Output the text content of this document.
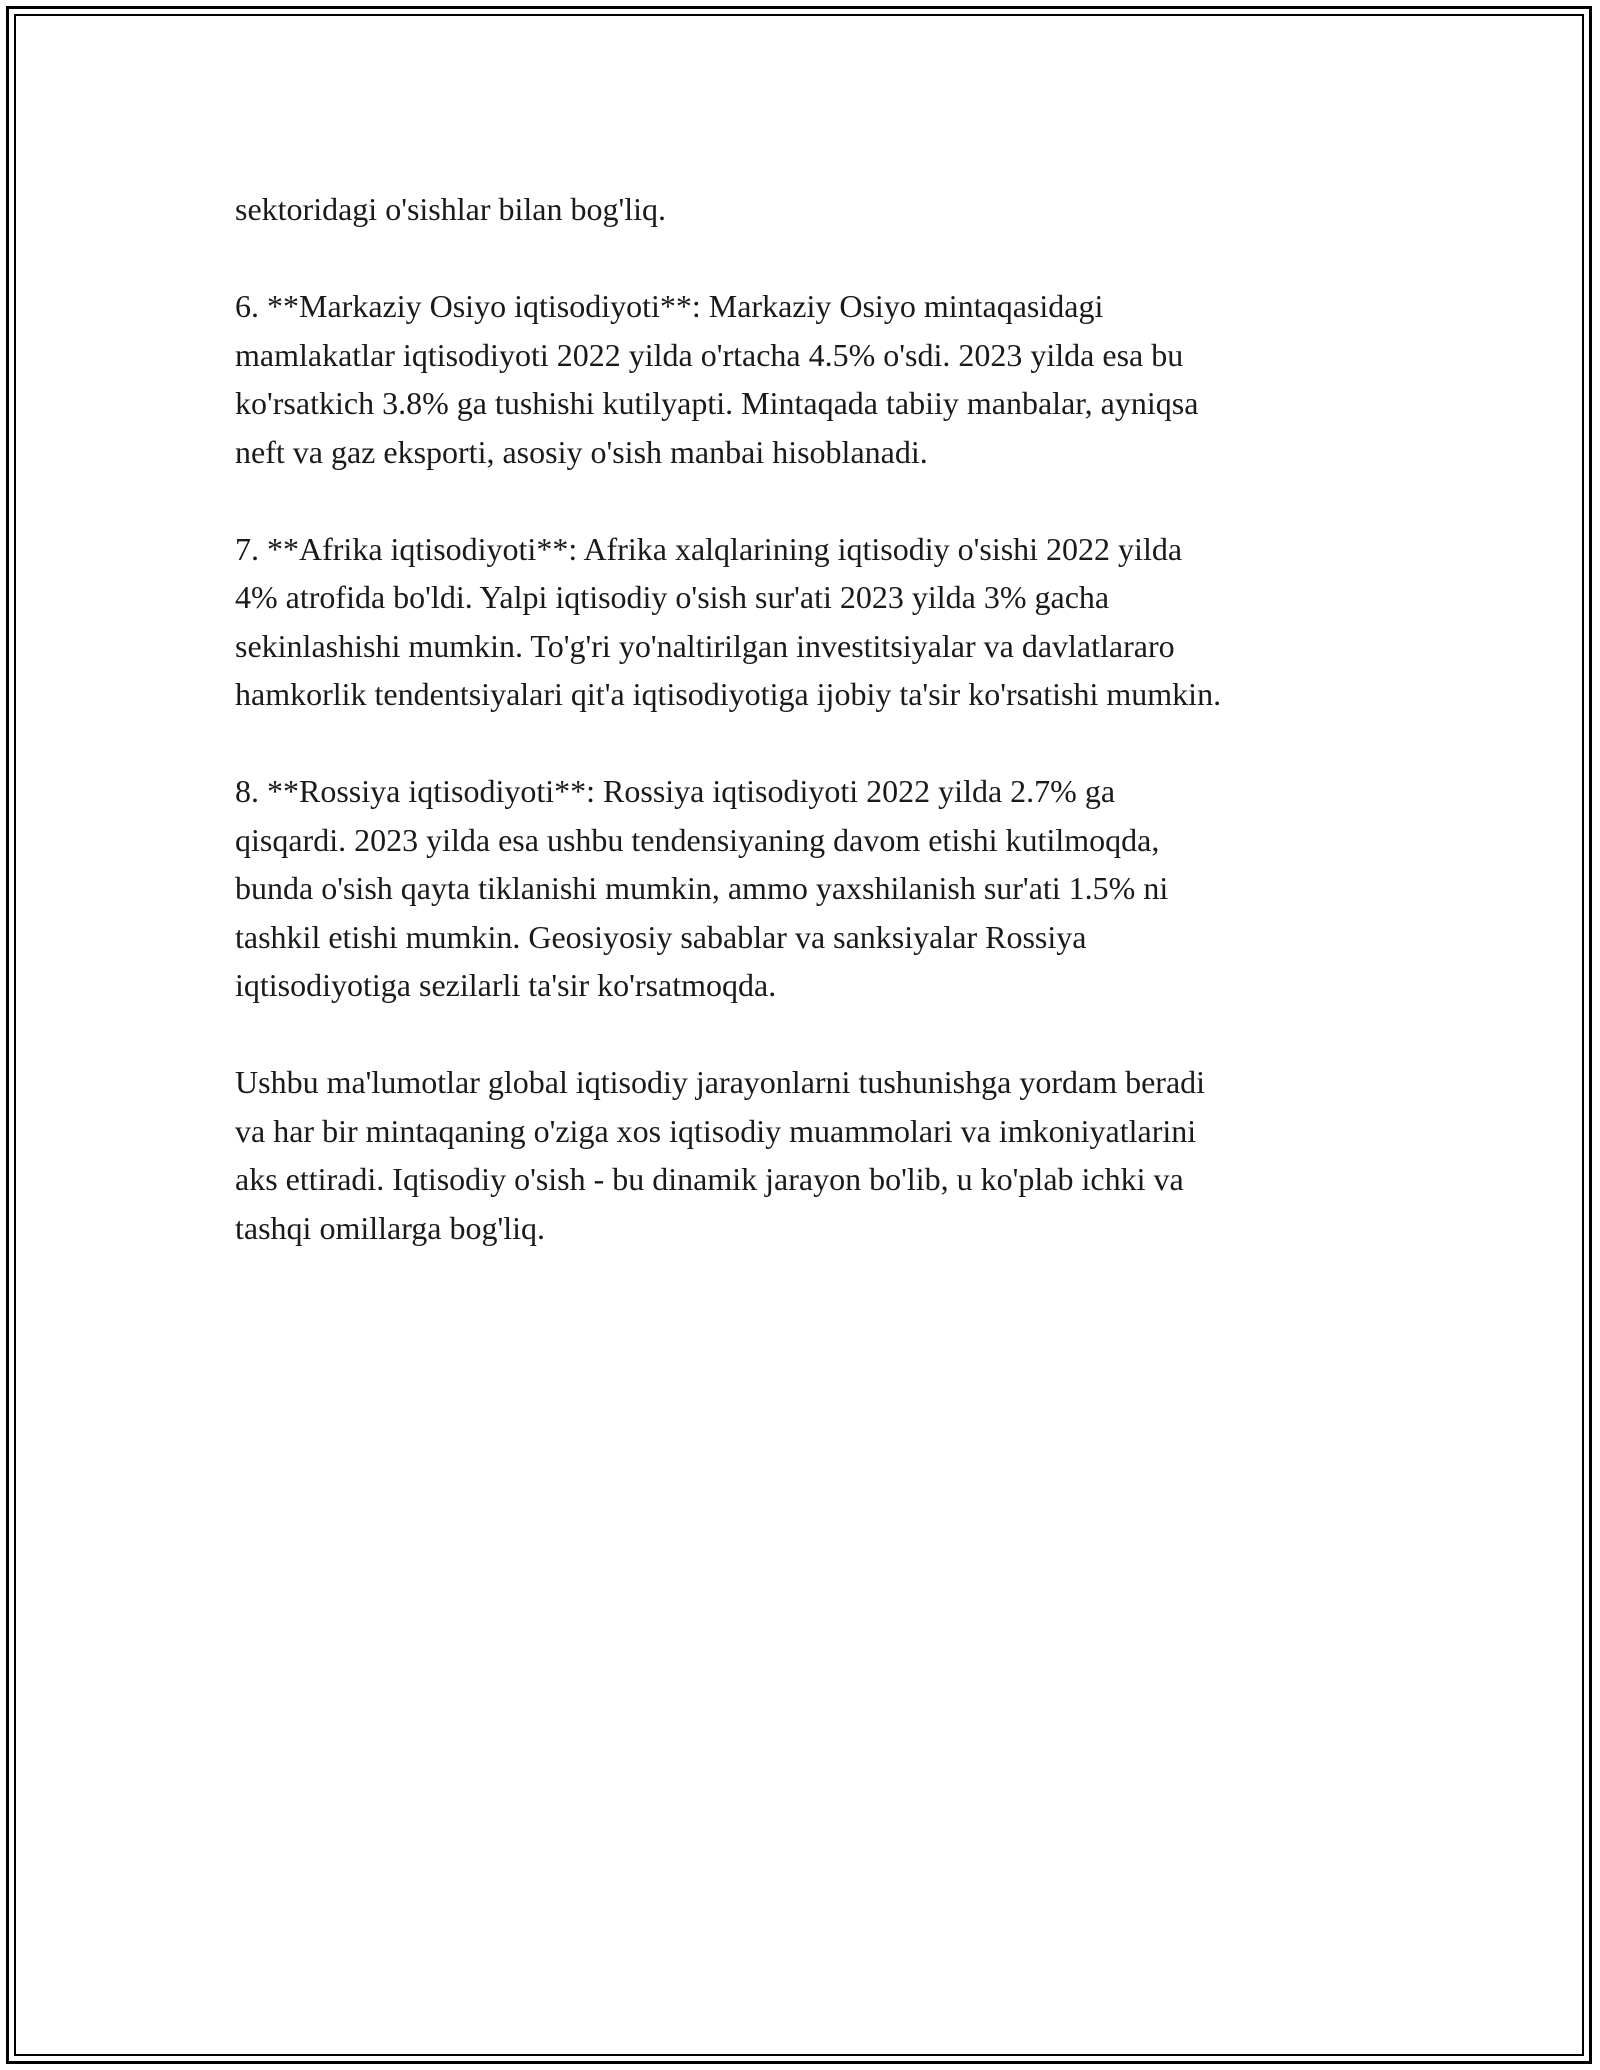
sektoridagi o'sishlar bilan bog'liq.

6. **Markaziy Osiyo iqtisodiyoti**: Markaziy Osiyo mintaqasidagi
mamlakatlar iqtisodiyoti 2022 yilda o'rtacha 4.5% o'sdi. 2023 yilda esa bu
ko'rsatkich 3.8% ga tushishi kutilyapti. Mintaqada tabiiy manbalar, ayniqsa
neft va gaz eksporti, asosiy o'sish manbai hisoblanadi.

7. **Afrika iqtisodiyoti**: Afrika xalqlarining iqtisodiy o'sishi 2022 yilda
4% atrofida bo'ldi. Yalpi iqtisodiy o'sish sur'ati 2023 yilda 3% gacha
sekinlashishi mumkin. To'g'ri yo'naltirilgan investitsiyalar va davlatlararo
hamkorlik tendentsiyalari qit'a iqtisodiyotiga ijobiy ta'sir ko'rsatishi mumkin.

8. **Rossiya iqtisodiyoti**: Rossiya iqtisodiyoti 2022 yilda 2.7% ga
qisqardi. 2023 yilda esa ushbu tendensiyaning davom etishi kutilmoqda,
bunda o'sish qayta tiklanishi mumkin, ammo yaxshilanish sur'ati 1.5% ni
tashkil etishi mumkin. Geosiyosiy sabablar va sanksiyalar Rossiya
iqtisodiyotiga sezilarli ta'sir ko'rsatmoqda.

Ushbu ma'lumotlar global iqtisodiy jarayonlarni tushunishga yordam beradi
va har bir mintaqaning o'ziga xos iqtisodiy muammolari va imkoniyatlarini
aks ettiradi. Iqtisodiy o'sish - bu dinamik jarayon bo'lib, u ko'plab ichki va
tashqi omillarga bog'liq.
